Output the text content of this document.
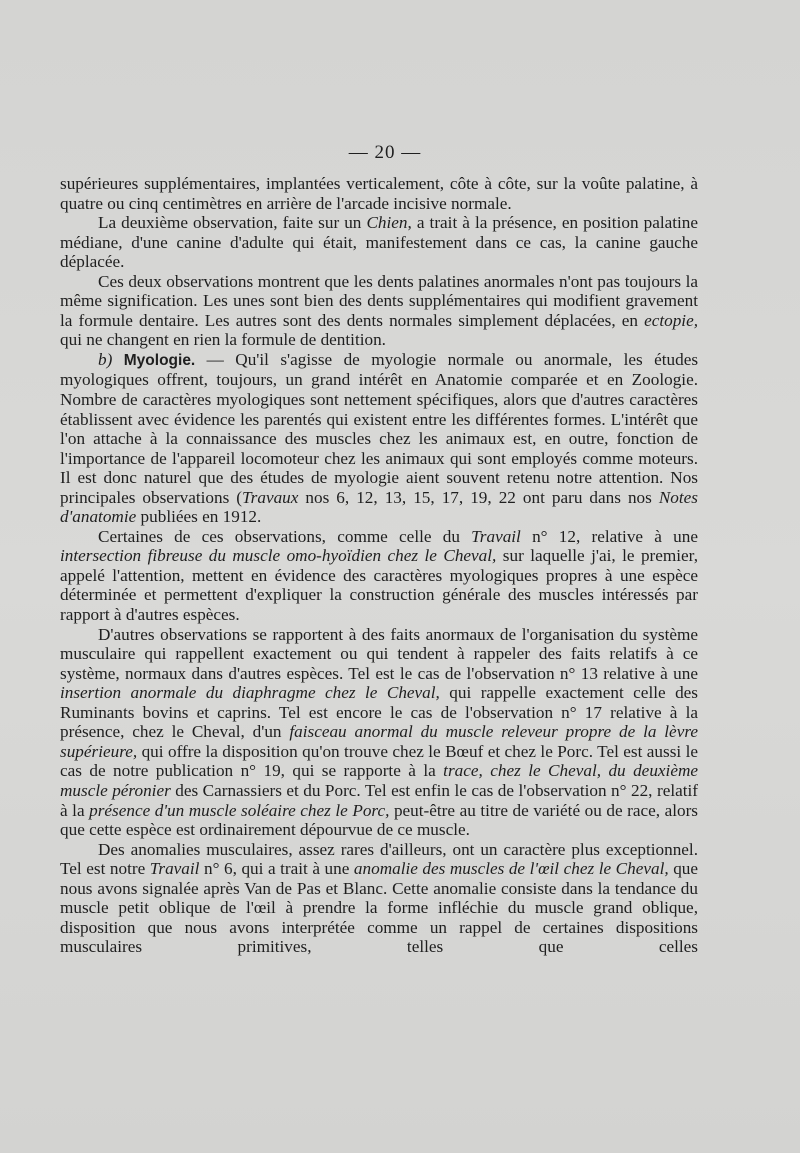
— 20 —

supérieures supplémentaires, implantées verticalement, côte à côte, sur la voûte palatine, à quatre ou cinq centimètres en arrière de l'arcade incisive normale.

La deuxième observation, faite sur un Chien, a trait à la présence, en position palatine médiane, d'une canine d'adulte qui était, manifestement dans ce cas, la canine gauche déplacée.

Ces deux observations montrent que les dents palatines anormales n'ont pas toujours la même signification. Les unes sont bien des dents supplémentaires qui modifient gravement la formule dentaire. Les autres sont des dents normales simplement déplacées, en ectopie, qui ne changent en rien la formule de dentition.

b) Myologie. — Qu'il s'agisse de myologie normale ou anormale, les études myologiques offrent, toujours, un grand intérêt en Anatomie comparée et en Zoologie. Nombre de caractères myologiques sont nettement spécifiques, alors que d'autres caractères établissent avec évidence les parentés qui existent entre les différentes formes. L'intérêt que l'on attache à la connaissance des muscles chez les animaux est, en outre, fonction de l'importance de l'appareil locomoteur chez les animaux qui sont employés comme moteurs. Il est donc naturel que des études de myologie aient souvent retenu notre attention. Nos principales observations (Travaux nos 6, 12, 13, 15, 17, 19, 22 ont paru dans nos Notes d'anatomie publiées en 1912.

Certaines de ces observations, comme celle du Travail n° 12, relative à une intersection fibreuse du muscle omo-hyoïdien chez le Cheval, sur laquelle j'ai, le premier, appelé l'attention, mettent en évidence des caractères myologiques propres à une espèce déterminée et permettent d'expliquer la construction générale des muscles intéressés par rapport à d'autres espèces.

D'autres observations se rapportent à des faits anormaux de l'organisation du système musculaire qui rappellent exactement ou qui tendent à rappeler des faits relatifs à ce système, normaux dans d'autres espèces. Tel est le cas de l'observation n° 13 relative à une insertion anormale du diaphragme chez le Cheval, qui rappelle exactement celle des Ruminants bovins et caprins. Tel est encore le cas de l'observation n° 17 relative à la présence, chez le Cheval, d'un faisceau anormal du muscle releveur propre de la lèvre supérieure, qui offre la disposition qu'on trouve chez le Bœuf et chez le Porc. Tel est aussi le cas de notre publication n° 19, qui se rapporte à la trace, chez le Cheval, du deuxième muscle péronier des Carnassiers et du Porc. Tel est enfin le cas de l'observation n° 22, relatif à la présence d'un muscle soléaire chez le Porc, peut-être au titre de variété ou de race, alors que cette espèce est ordinairement dépourvue de ce muscle.

Des anomalies musculaires, assez rares d'ailleurs, ont un caractère plus exceptionnel. Tel est notre Travail n° 6, qui a trait à une anomalie des muscles de l'œil chez le Cheval, que nous avons signalée après Van de Pas et Blanc. Cette anomalie consiste dans la tendance du muscle petit oblique de l'œil à prendre la forme infléchie du muscle grand oblique, disposition que nous avons interprétée comme un rappel de certaines dispositions musculaires primitives, telles que celles
